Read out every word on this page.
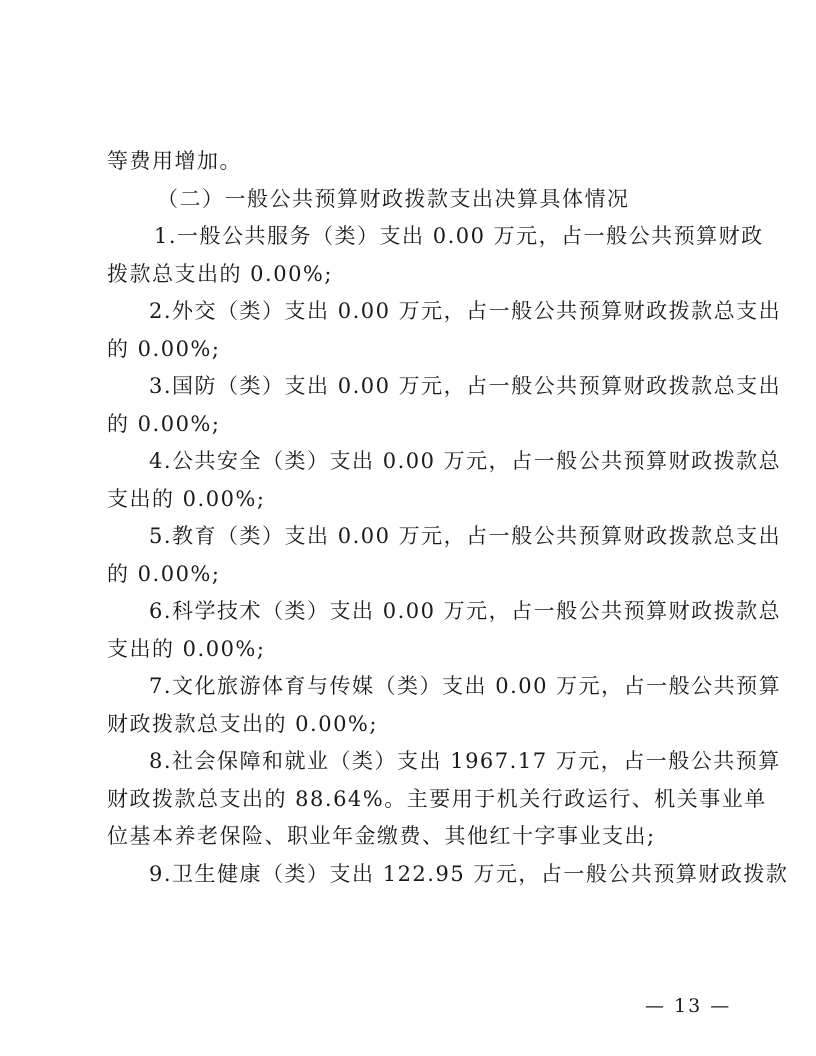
等费用增加。
（二）一般公共预算财政拨款支出决算具体情况
1.一般公共服务（类）支出 0.00 万元，占一般公共预算财政
拨款总支出的 0.00%;
2.外交（类）支出 0.00 万元，占一般公共预算财政拨款总支出
的 0.00%;
3.国防（类）支出 0.00 万元，占一般公共预算财政拨款总支出
的 0.00%;
4.公共安全（类）支出 0.00 万元，占一般公共预算财政拨款总
支出的 0.00%;
5.教育（类）支出 0.00 万元，占一般公共预算财政拨款总支出
的 0.00%;
6.科学技术（类）支出 0.00 万元，占一般公共预算财政拨款总
支出的 0.00%;
7.文化旅游体育与传媒（类）支出 0.00 万元，占一般公共预算
财政拨款总支出的 0.00%;
8.社会保障和就业（类）支出 1967.17 万元，占一般公共预算
财政拨款总支出的 88.64%。主要用于机关行政运行、机关事业单
位基本养老保险、职业年金缴费、其他红十字事业支出;
9.卫生健康（类）支出 122.95 万元，占一般公共预算财政拨款
— 13 —
